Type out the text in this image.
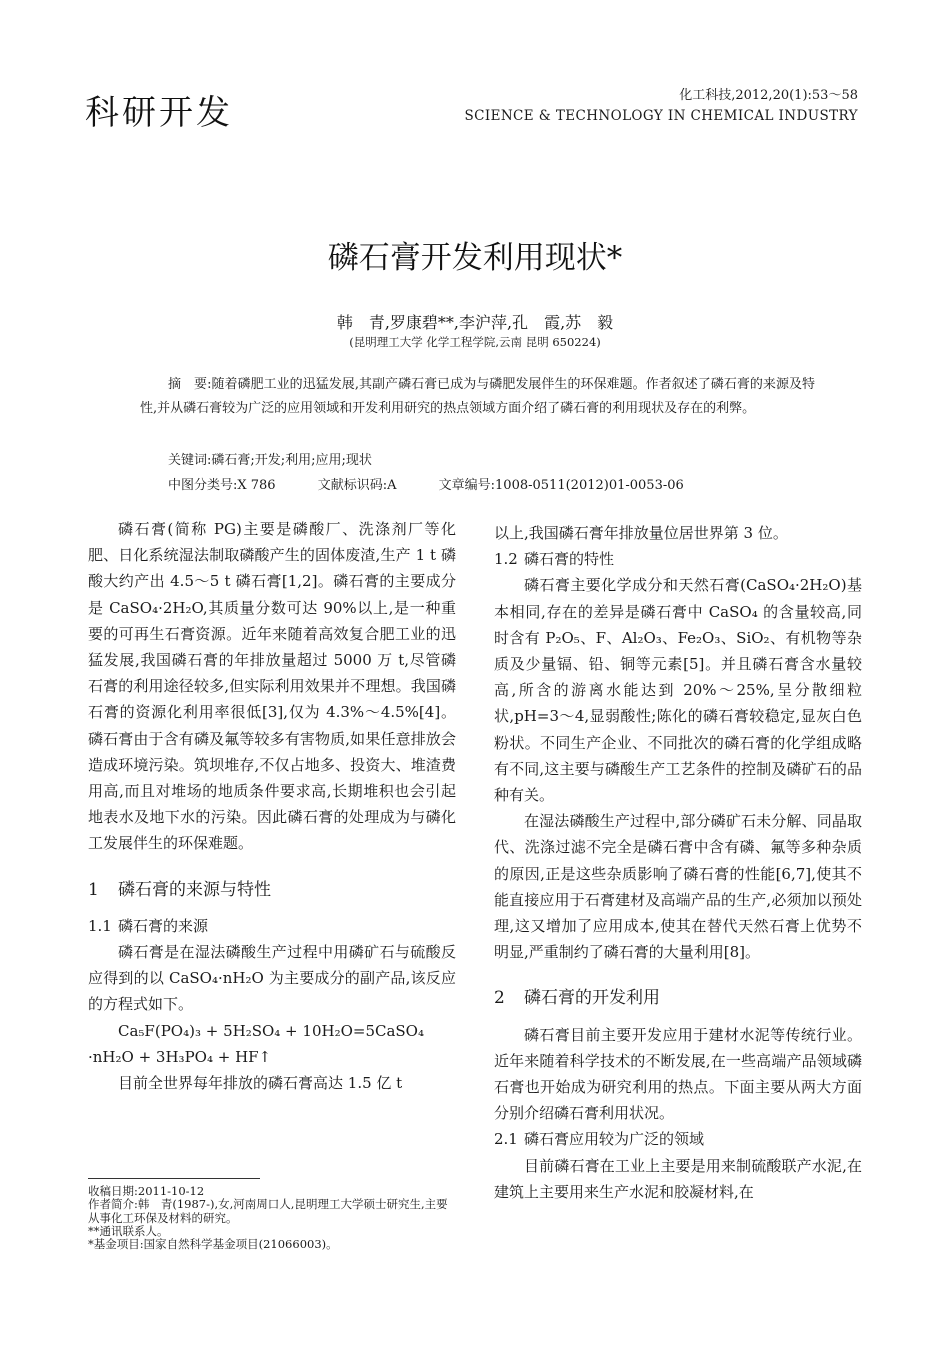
科研开发	化工科技,2012,20(1):53～58
SCIENCE & TECHNOLOGY IN CHEMICAL INDUSTRY
磷石膏开发利用现状*
韩　青,罗康碧**,李沪萍,孔　霞,苏　毅
(昆明理工大学 化学工程学院,云南 昆明 650224)
摘　要:随着磷肥工业的迅猛发展,其副产磷石膏已成为与磷肥发展伴生的环保难题。作者叙述了磷石膏的来源及特性,并从磷石膏较为广泛的应用领域和开发利用研究的热点领域方面介绍了磷石膏的利用现状及存在的利弊。
关键词:磷石膏;开发;利用;应用;现状
中图分类号:X 786	文献标识码:A	文章编号:1008-0511(2012)01-0053-06

磷石膏(简称 PG)主要是磷酸厂、洗涤剂厂等化肥、日化系统湿法制取磷酸产生的固体废渣,生产 1 t 磷酸大约产出 4.5～5 t 磷石膏[1,2]。磷石膏的主要成分是 CaSO₄·2H₂O,其质量分数可达 90%以上,是一种重要的可再生石膏资源。近年来随着高效复合肥工业的迅猛发展,我国磷石膏的年排放量超过 5000 万 t,尽管磷石膏的利用途径较多,但实际利用效果并不理想。我国磷石膏的资源化利用率很低[3],仅为 4.3%～4.5%[4]。磷石膏由于含有磷及氟等较多有害物质,如果任意排放会造成环境污染。筑坝堆存,不仅占地多、投资大、堆渣费用高,而且对堆场的地质条件要求高,长期堆积也会引起地表水及地下水的污染。因此磷石膏的处理成为与磷化工发展伴生的环保难题。

1 磷石膏的来源与特性

1.1 磷石膏的来源

磷石膏是在湿法磷酸生产过程中用磷矿石与硫酸反应得到的以 CaSO₄·nH₂O 为主要成分的副产品,该反应的方程式如下。

Ca₅F(PO₄)₃ + 5H₂SO₄ + 10H₂O=5CaSO₄

·nH₂O + 3H₃PO₄ + HF↑

目前全世界每年排放的磷石膏高达 1.5 亿 t

收稿日期:2011-10-12

作者简介:韩　青(1987-),女,河南周口人,昆明理工大学硕士研究生,主要从事化工环保及材料的研究。

**通讯联系人。

*基金项目:国家自然科学基金项目(21066003)。

以上,我国磷石膏年排放量位居世界第 3 位。

1.2 磷石膏的特性

磷石膏主要化学成分和天然石膏(CaSO₄·2H₂O)基本相同,存在的差异是磷石膏中 CaSO₄ 的含量较高,同时含有 P₂O₅、F、Al₂O₃、Fe₂O₃、SiO₂、有机物等杂质及少量镉、铅、铜等元素[5]。并且磷石膏含水量较高,所含的游离水能达到 20%～25%,呈分散细粒状,pH=3～4,显弱酸性;陈化的磷石膏较稳定,显灰白色粉状。不同生产企业、不同批次的磷石膏的化学组成略有不同,这主要与磷酸生产工艺条件的控制及磷矿石的品种有关。

在湿法磷酸生产过程中,部分磷矿石未分解、同晶取代、洗涤过滤不完全是磷石膏中含有磷、氟等多种杂质的原因,正是这些杂质影响了磷石膏的性能[6,7],使其不能直接应用于石膏建材及高端产品的生产,必须加以预处理,这又增加了应用成本,使其在替代天然石膏上优势不明显,严重制约了磷石膏的大量利用[8]。

2 磷石膏的开发利用

磷石膏目前主要开发应用于建材水泥等传统行业。近年来随着科学技术的不断发展,在一些高端产品领域磷石膏也开始成为研究利用的热点。下面主要从两大方面分别介绍磷石膏利用状况。

2.1 磷石膏应用较为广泛的领域

目前磷石膏在工业上主要是用来制硫酸联产水泥,在建筑上主要用来生产水泥和胶凝材料,在
